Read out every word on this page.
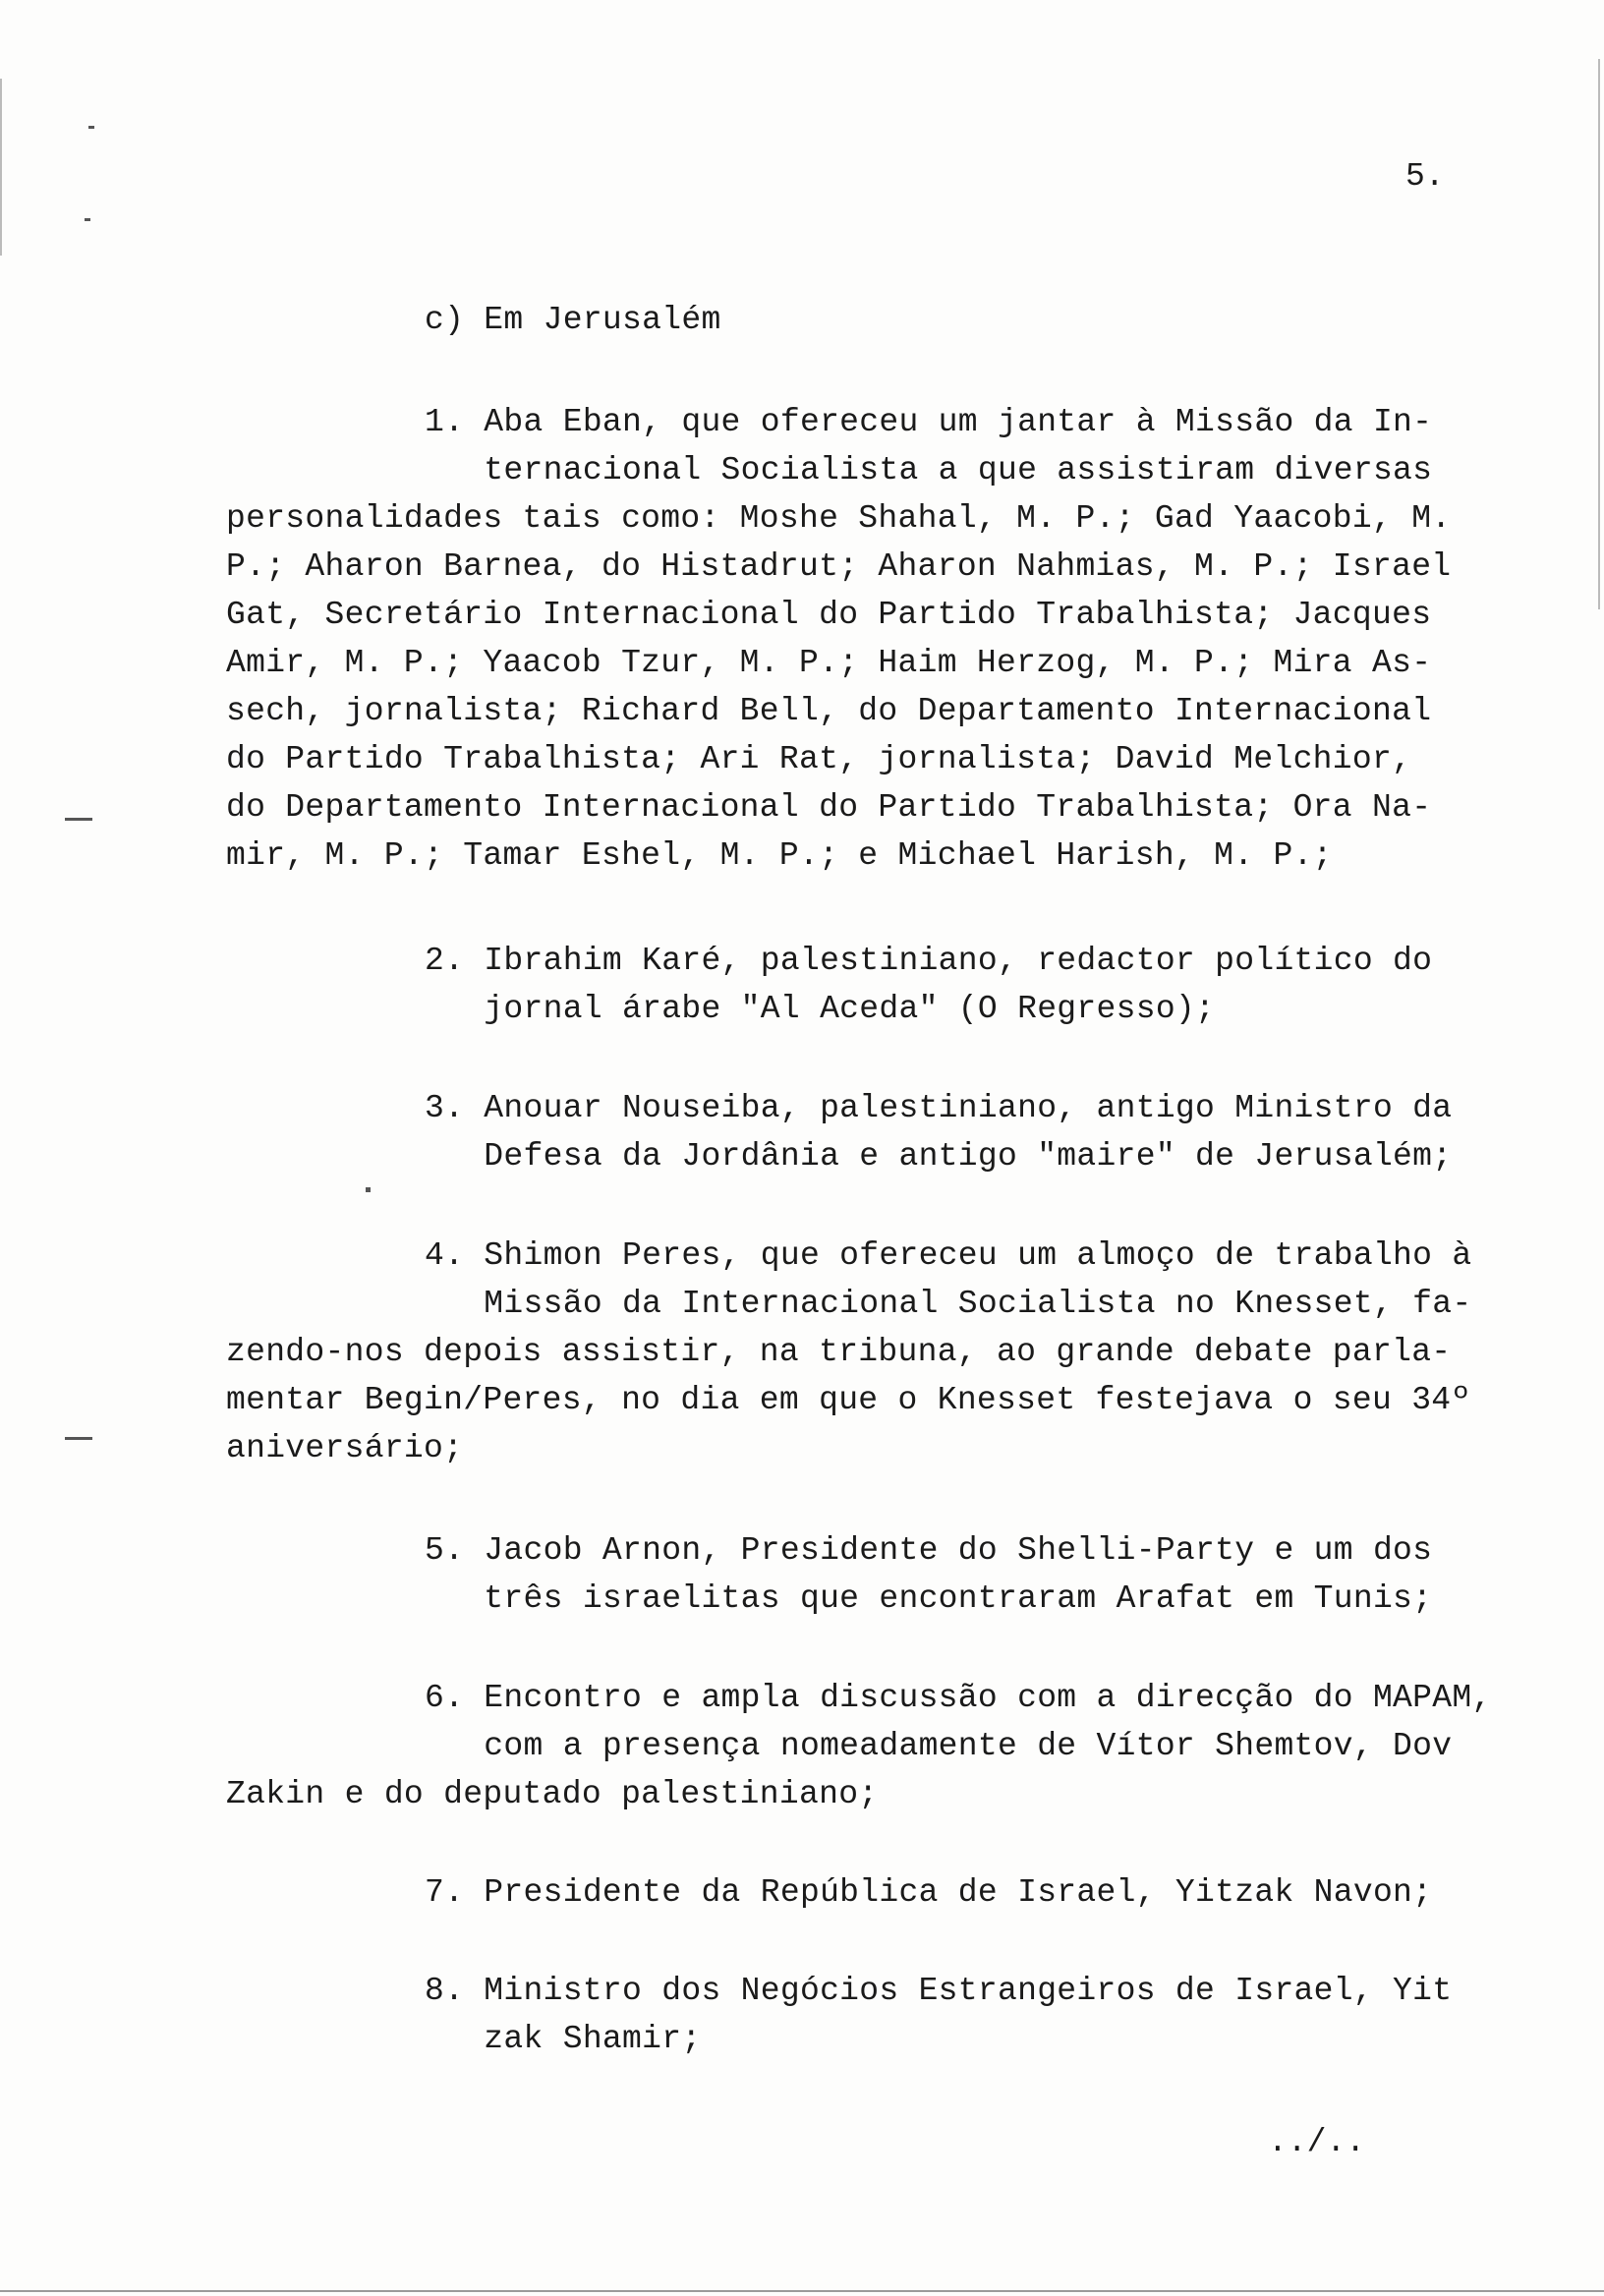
5.
c) Em Jerusalém
1. Aba Eban, que ofereceu um jantar à Missão da In-
ternacional Socialista a que assistiram diversas
personalidades tais como: Moshe Shahal, M. P.; Gad Yaacobi, M.
P.; Aharon Barnea, do Histadrut; Aharon Nahmias, M. P.; Israel
Gat, Secretário Internacional do Partido Trabalhista; Jacques
Amir, M. P.; Yaacob Tzur, M. P.; Haim Herzog, M. P.; Mira As-
sech, jornalista; Richard Bell, do Departamento Internacional
do Partido Trabalhista; Ari Rat, jornalista; David Melchior,
do Departamento Internacional do Partido Trabalhista; Ora Na-
mir, M. P.; Tamar Eshel, M. P.; e Michael Harish, M. P.;
2. Ibrahim Karé, palestiniano, redactor político do
jornal árabe "Al Aceda" (O Regresso);
3. Anouar Nouseiba, palestiniano, antigo Ministro da
Defesa da Jordânia e antigo "maire" de Jerusalém;
4. Shimon Peres, que ofereceu um almoço de trabalho à
Missão da Internacional Socialista no Knesset, fa-
zendo-nos depois assistir, na tribuna, ao grande debate parla-
mentar Begin/Peres, no dia em que o Knesset festejava o seu 34º
aniversário;
5. Jacob Arnon, Presidente do Shelli-Party e um dos
três israelitas que encontraram Arafat em Tunis;
6. Encontro e ampla discussão com a direcção do MAPAM,
com a presença nomeadamente de Vítor Shemtov, Dov
Zakin e do deputado palestiniano;
7. Presidente da República de Israel, Yitzak Navon;
8. Ministro dos Negócios Estrangeiros de Israel, Yit
zak Shamir;
../..
